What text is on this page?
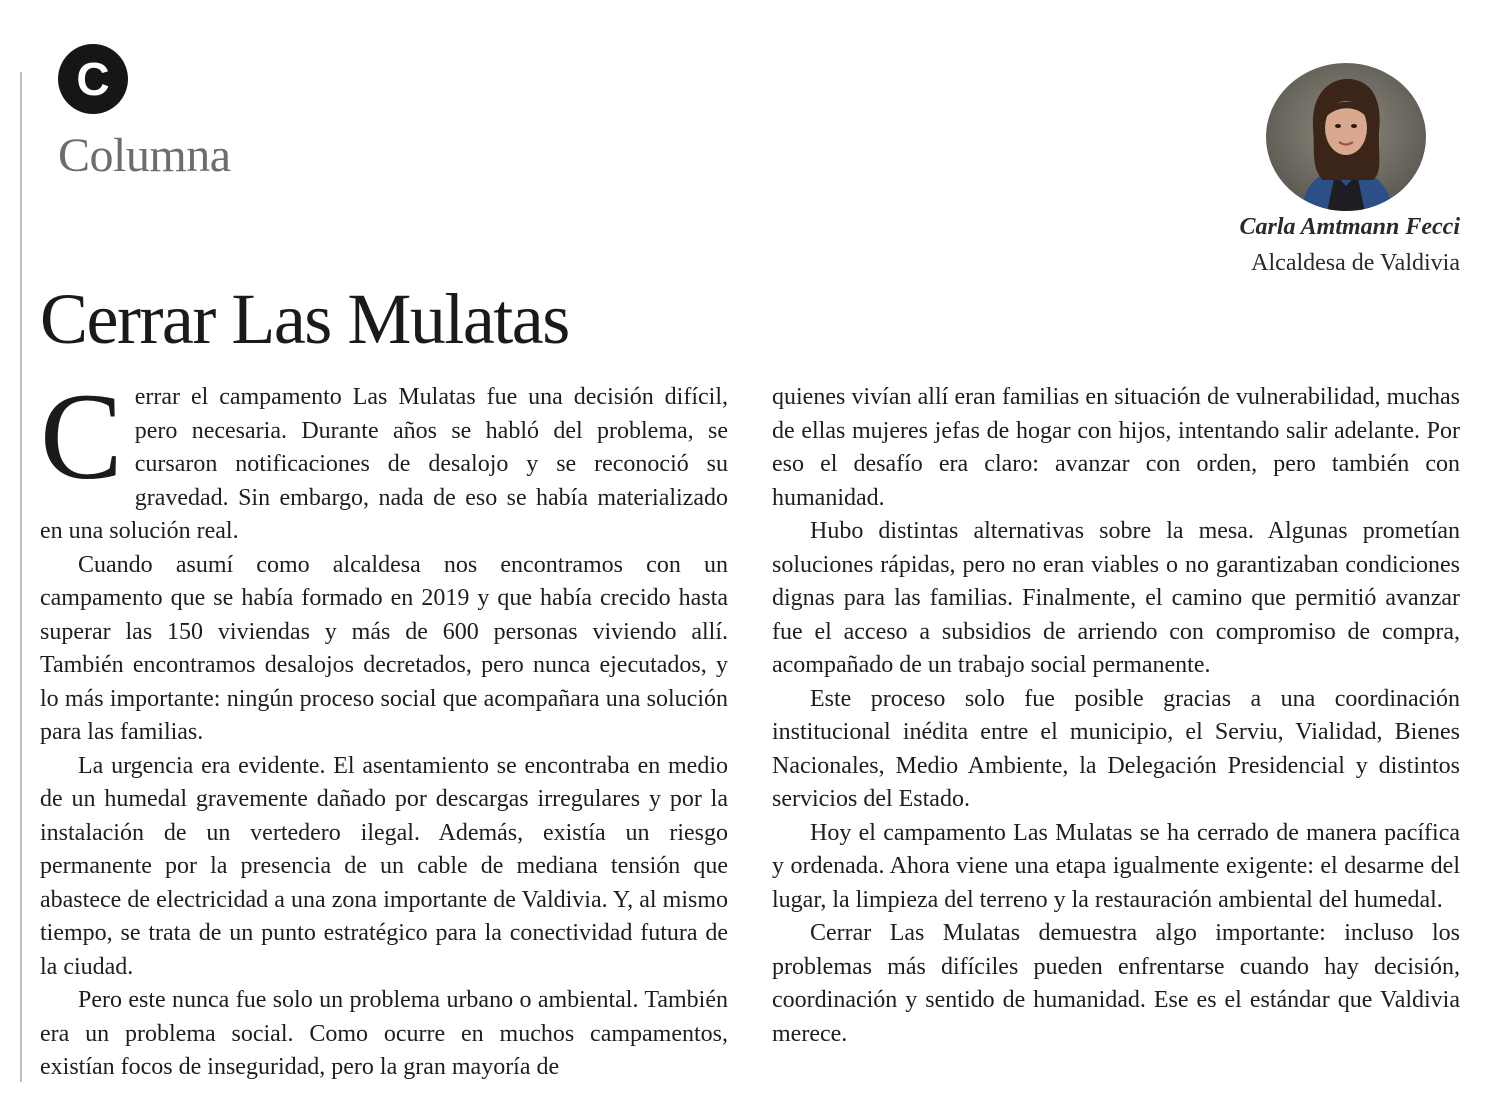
C
Columna
Carla Amtmann Fecci
Alcaldesa de Valdivia
Cerrar Las Mulatas

Cerrar el campamento Las Mulatas fue una decisión difícil, pero necesaria. Durante años se habló del problema, se cursaron notificaciones de desalojo y se reconoció su gravedad. Sin embargo, nada de eso se había materializado en una solución real.

Cuando asumí como alcaldesa nos encontramos con un campamento que se había formado en 2019 y que había crecido hasta superar las 150 viviendas y más de 600 personas viviendo allí. También encontramos desalojos decretados, pero nunca ejecutados, y lo más importante: ningún proceso social que acompañara una solución para las familias.

La urgencia era evidente. El asentamiento se encontraba en medio de un humedal gravemente dañado por descargas irregulares y por la instalación de un vertedero ilegal. Además, existía un riesgo permanente por la presencia de un cable de mediana tensión que abastece de electricidad a una zona importante de Valdivia. Y, al mismo tiempo, se trata de un punto estratégico para la conectividad futura de la ciudad.

Pero este nunca fue solo un problema urbano o ambiental. También era un problema social. Como ocurre en muchos campamentos, existían focos de inseguridad, pero la gran mayoría de

quienes vivían allí eran familias en situación de vulnerabilidad, muchas de ellas mujeres jefas de hogar con hijos, intentando salir adelante. Por eso el desafío era claro: avanzar con orden, pero también con humanidad.

Hubo distintas alternativas sobre la mesa. Algunas prometían soluciones rápidas, pero no eran viables o no garantizaban condiciones dignas para las familias. Finalmente, el camino que permitió avanzar fue el acceso a subsidios de arriendo con compromiso de compra, acompañado de un trabajo social permanente.

Este proceso solo fue posible gracias a una coordinación institucional inédita entre el municipio, el Serviu, Vialidad, Bienes Nacionales, Medio Ambiente, la Delegación Presidencial y distintos servicios del Estado.

Hoy el campamento Las Mulatas se ha cerrado de manera pacífica y ordenada. Ahora viene una etapa igualmente exigente: el desarme del lugar, la limpieza del terreno y la restauración ambiental del humedal.

Cerrar Las Mulatas demuestra algo importante: incluso los problemas más difíciles pueden enfrentarse cuando hay decisión, coordinación y sentido de humanidad. Ese es el estándar que Valdivia merece.
